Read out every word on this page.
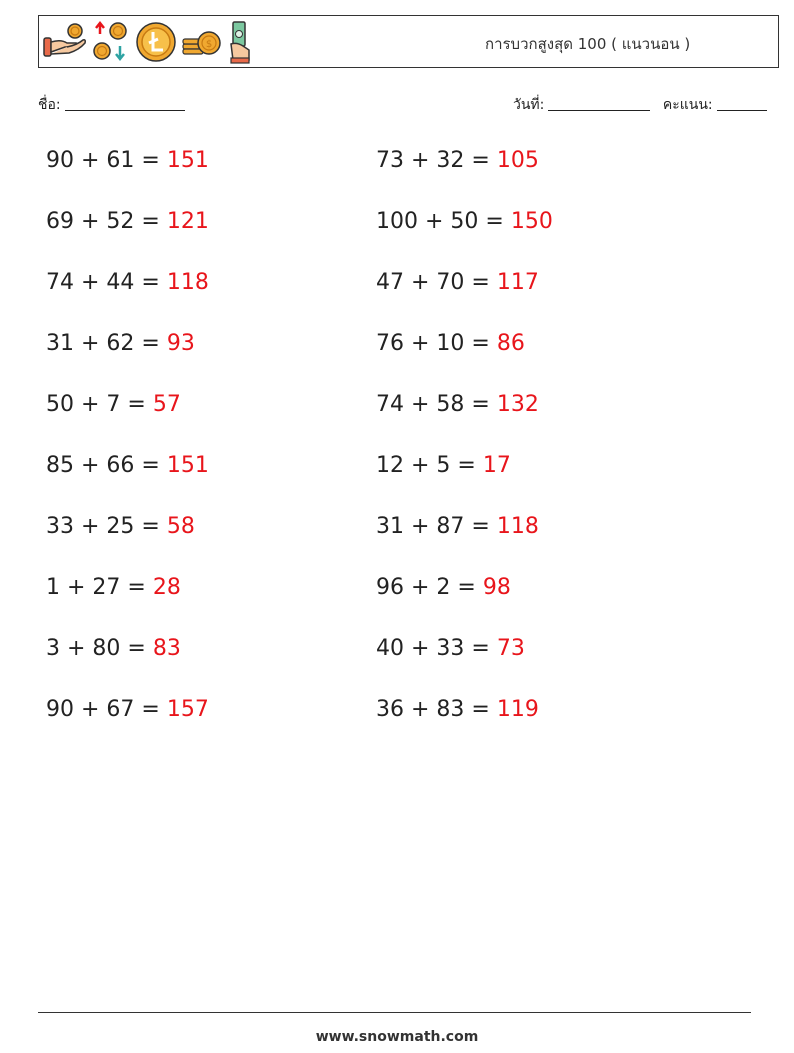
$	การบวกสูงสุด 100 ( แนวนอน )
ชื่อ:	วันที่:	คะแนน:
90 + 61 = 151
69 + 52 = 121
74 + 44 = 118
31 + 62 = 93
50 + 7 = 57
85 + 66 = 151
33 + 25 = 58
1 + 27 = 28
3 + 80 = 83
90 + 67 = 157
73 + 32 = 105
100 + 50 = 150
47 + 70 = 117
76 + 10 = 86
74 + 58 = 132
12 + 5 = 17
31 + 87 = 118
96 + 2 = 98
40 + 33 = 73
36 + 83 = 119
www.snowmath.com
